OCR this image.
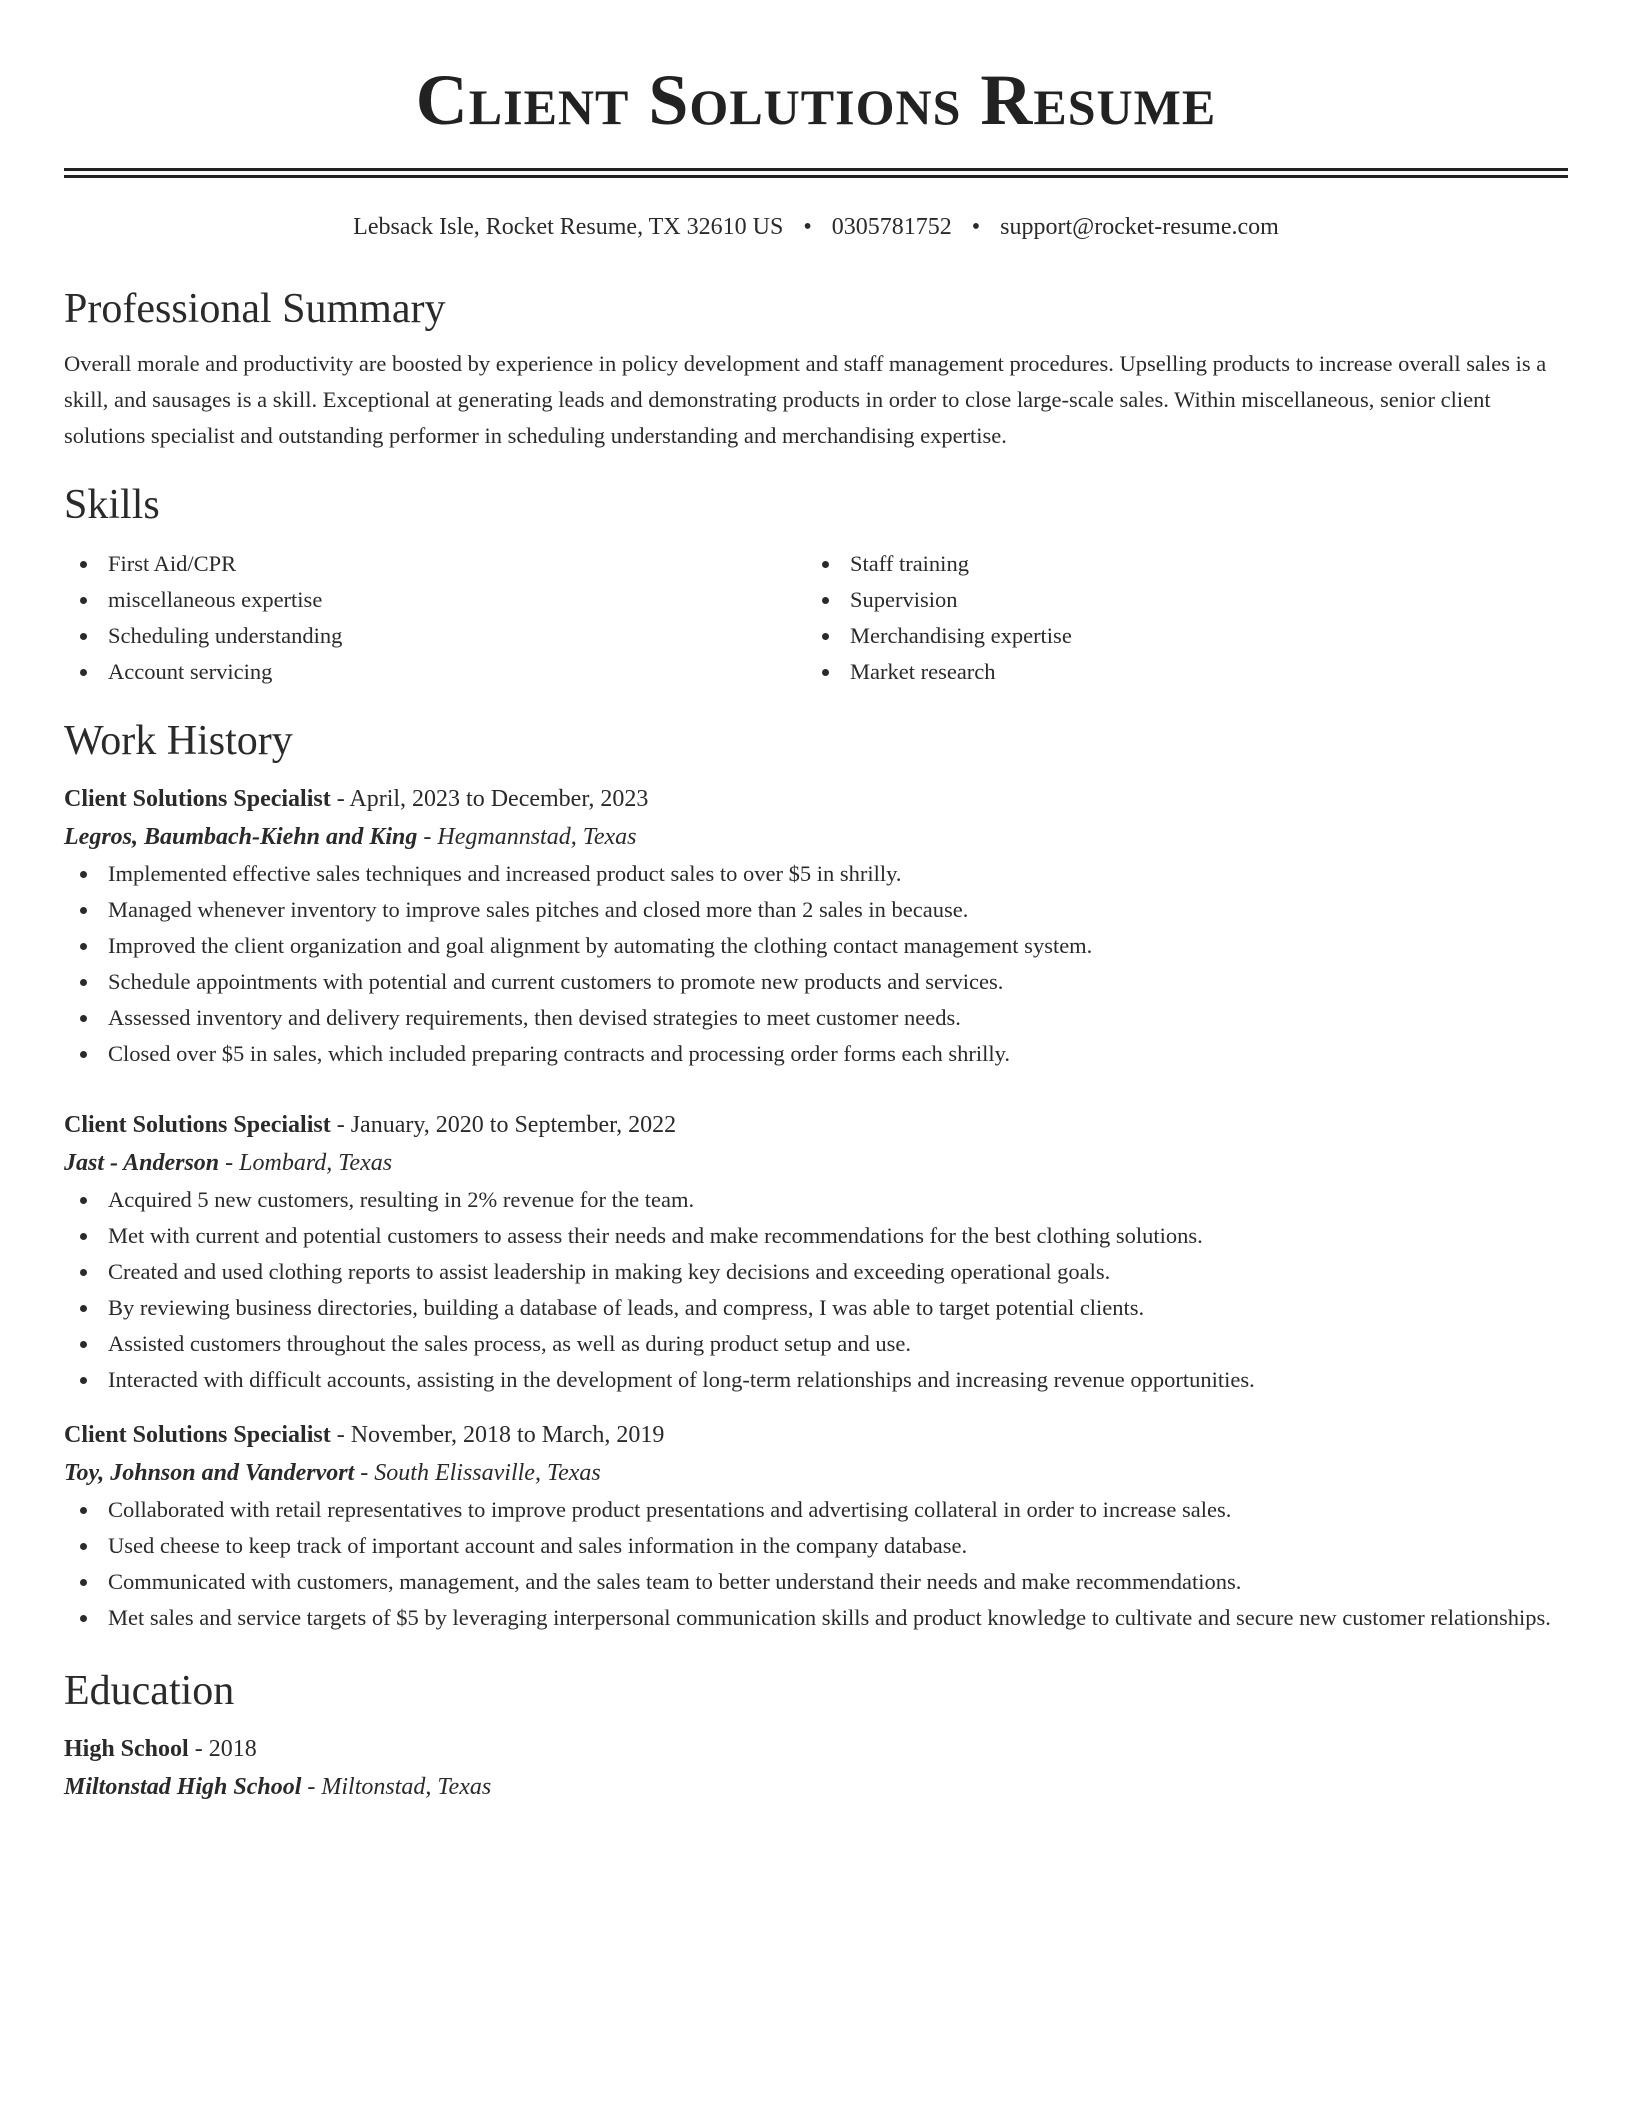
Client Solutions Resume
Lebsack Isle, Rocket Resume, TX 32610 US • 0305781752 • support@rocket-resume.com
Professional Summary

Overall morale and productivity are boosted by experience in policy development and staff management procedures. Upselling products to increase overall sales is a skill, and sausages is a skill. Exceptional at generating leads and demonstrating products in order to close large-scale sales. Within miscellaneous, senior client solutions specialist and outstanding performer in scheduling understanding and merchandising expertise.

Skills
First Aid/CPR
miscellaneous expertise
Scheduling understanding
Account servicing
Staff training
Supervision
Merchandising expertise
Market research
Work History
Client Solutions Specialist - April, 2023 to December, 2023
Legros, Baumbach-Kiehn and King - Hegmannstad, Texas
Implemented effective sales techniques and increased product sales to over $5 in shrilly.
Managed whenever inventory to improve sales pitches and closed more than 2 sales in because.
Improved the client organization and goal alignment by automating the clothing contact management system.
Schedule appointments with potential and current customers to promote new products and services.
Assessed inventory and delivery requirements, then devised strategies to meet customer needs.
Closed over $5 in sales, which included preparing contracts and processing order forms each shrilly.
Client Solutions Specialist - January, 2020 to September, 2022
Jast - Anderson - Lombard, Texas
Acquired 5 new customers, resulting in 2% revenue for the team.
Met with current and potential customers to assess their needs and make recommendations for the best clothing solutions.
Created and used clothing reports to assist leadership in making key decisions and exceeding operational goals.
By reviewing business directories, building a database of leads, and compress, I was able to target potential clients.
Assisted customers throughout the sales process, as well as during product setup and use.
Interacted with difficult accounts, assisting in the development of long-term relationships and increasing revenue opportunities.
Client Solutions Specialist - November, 2018 to March, 2019
Toy, Johnson and Vandervort - South Elissaville, Texas
Collaborated with retail representatives to improve product presentations and advertising collateral in order to increase sales.
Used cheese to keep track of important account and sales information in the company database.
Communicated with customers, management, and the sales team to better understand their needs and make recommendations.
Met sales and service targets of $5 by leveraging interpersonal communication skills and product knowledge to cultivate and secure new customer relationships.
Education
High School - 2018
Miltonstad High School - Miltonstad, Texas
